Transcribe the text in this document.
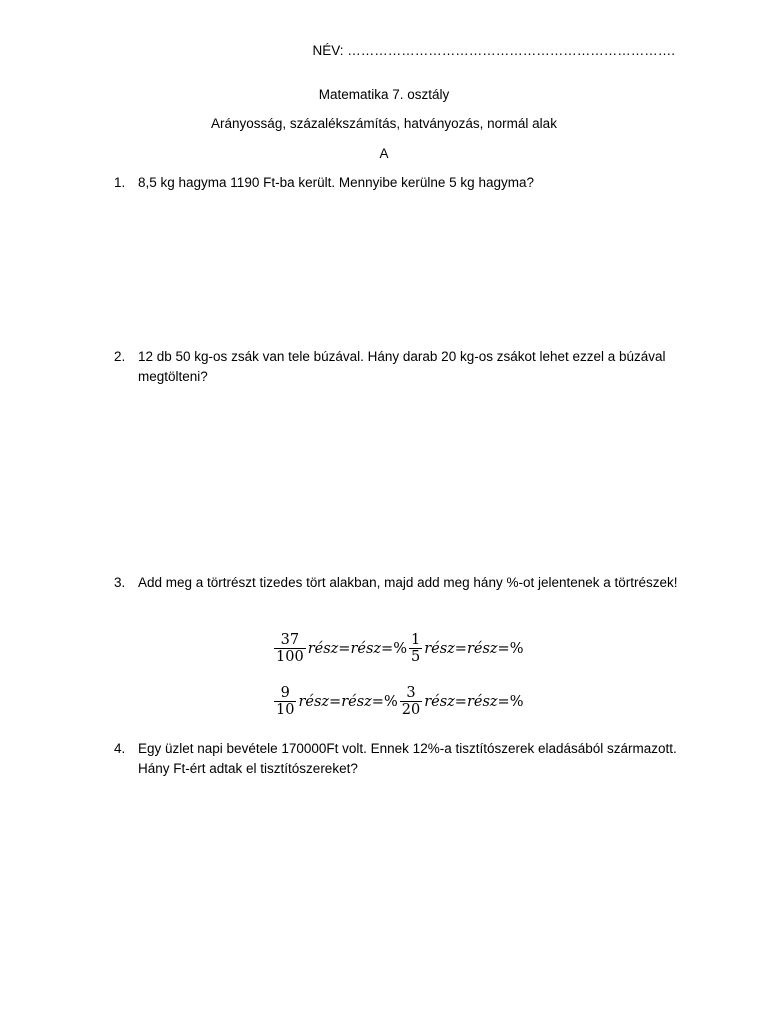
NÉV: ……………………………………………………………….
Matematika 7. osztály
Arányosság, százalékszámítás, hatványozás, normál alak
A
1. 8,5 kg hagyma 1190 Ft-ba került. Mennyibe kerülne 5 kg hagyma?
2. 12 db 50 kg-os zsák van tele búzával. Hány darab 20 kg-os zsákot lehet ezzel a búzával megtölteni?
3. Add meg a törtrészt tizedes tört alakban, majd add meg hány %-ot jelentenek a törtrészek!
$\frac{37}{100}$ rész = rész = % $\frac{1}{5}$ rész = rész = %
$\frac{9}{10}$ rész = rész = % $\frac{3}{20}$ rész = rész = %
4. Egy üzlet napi bevétele 170000Ft volt. Ennek 12%-a tisztítószerek eladásából származott. Hány Ft-ért adtak el tisztítószereket?
